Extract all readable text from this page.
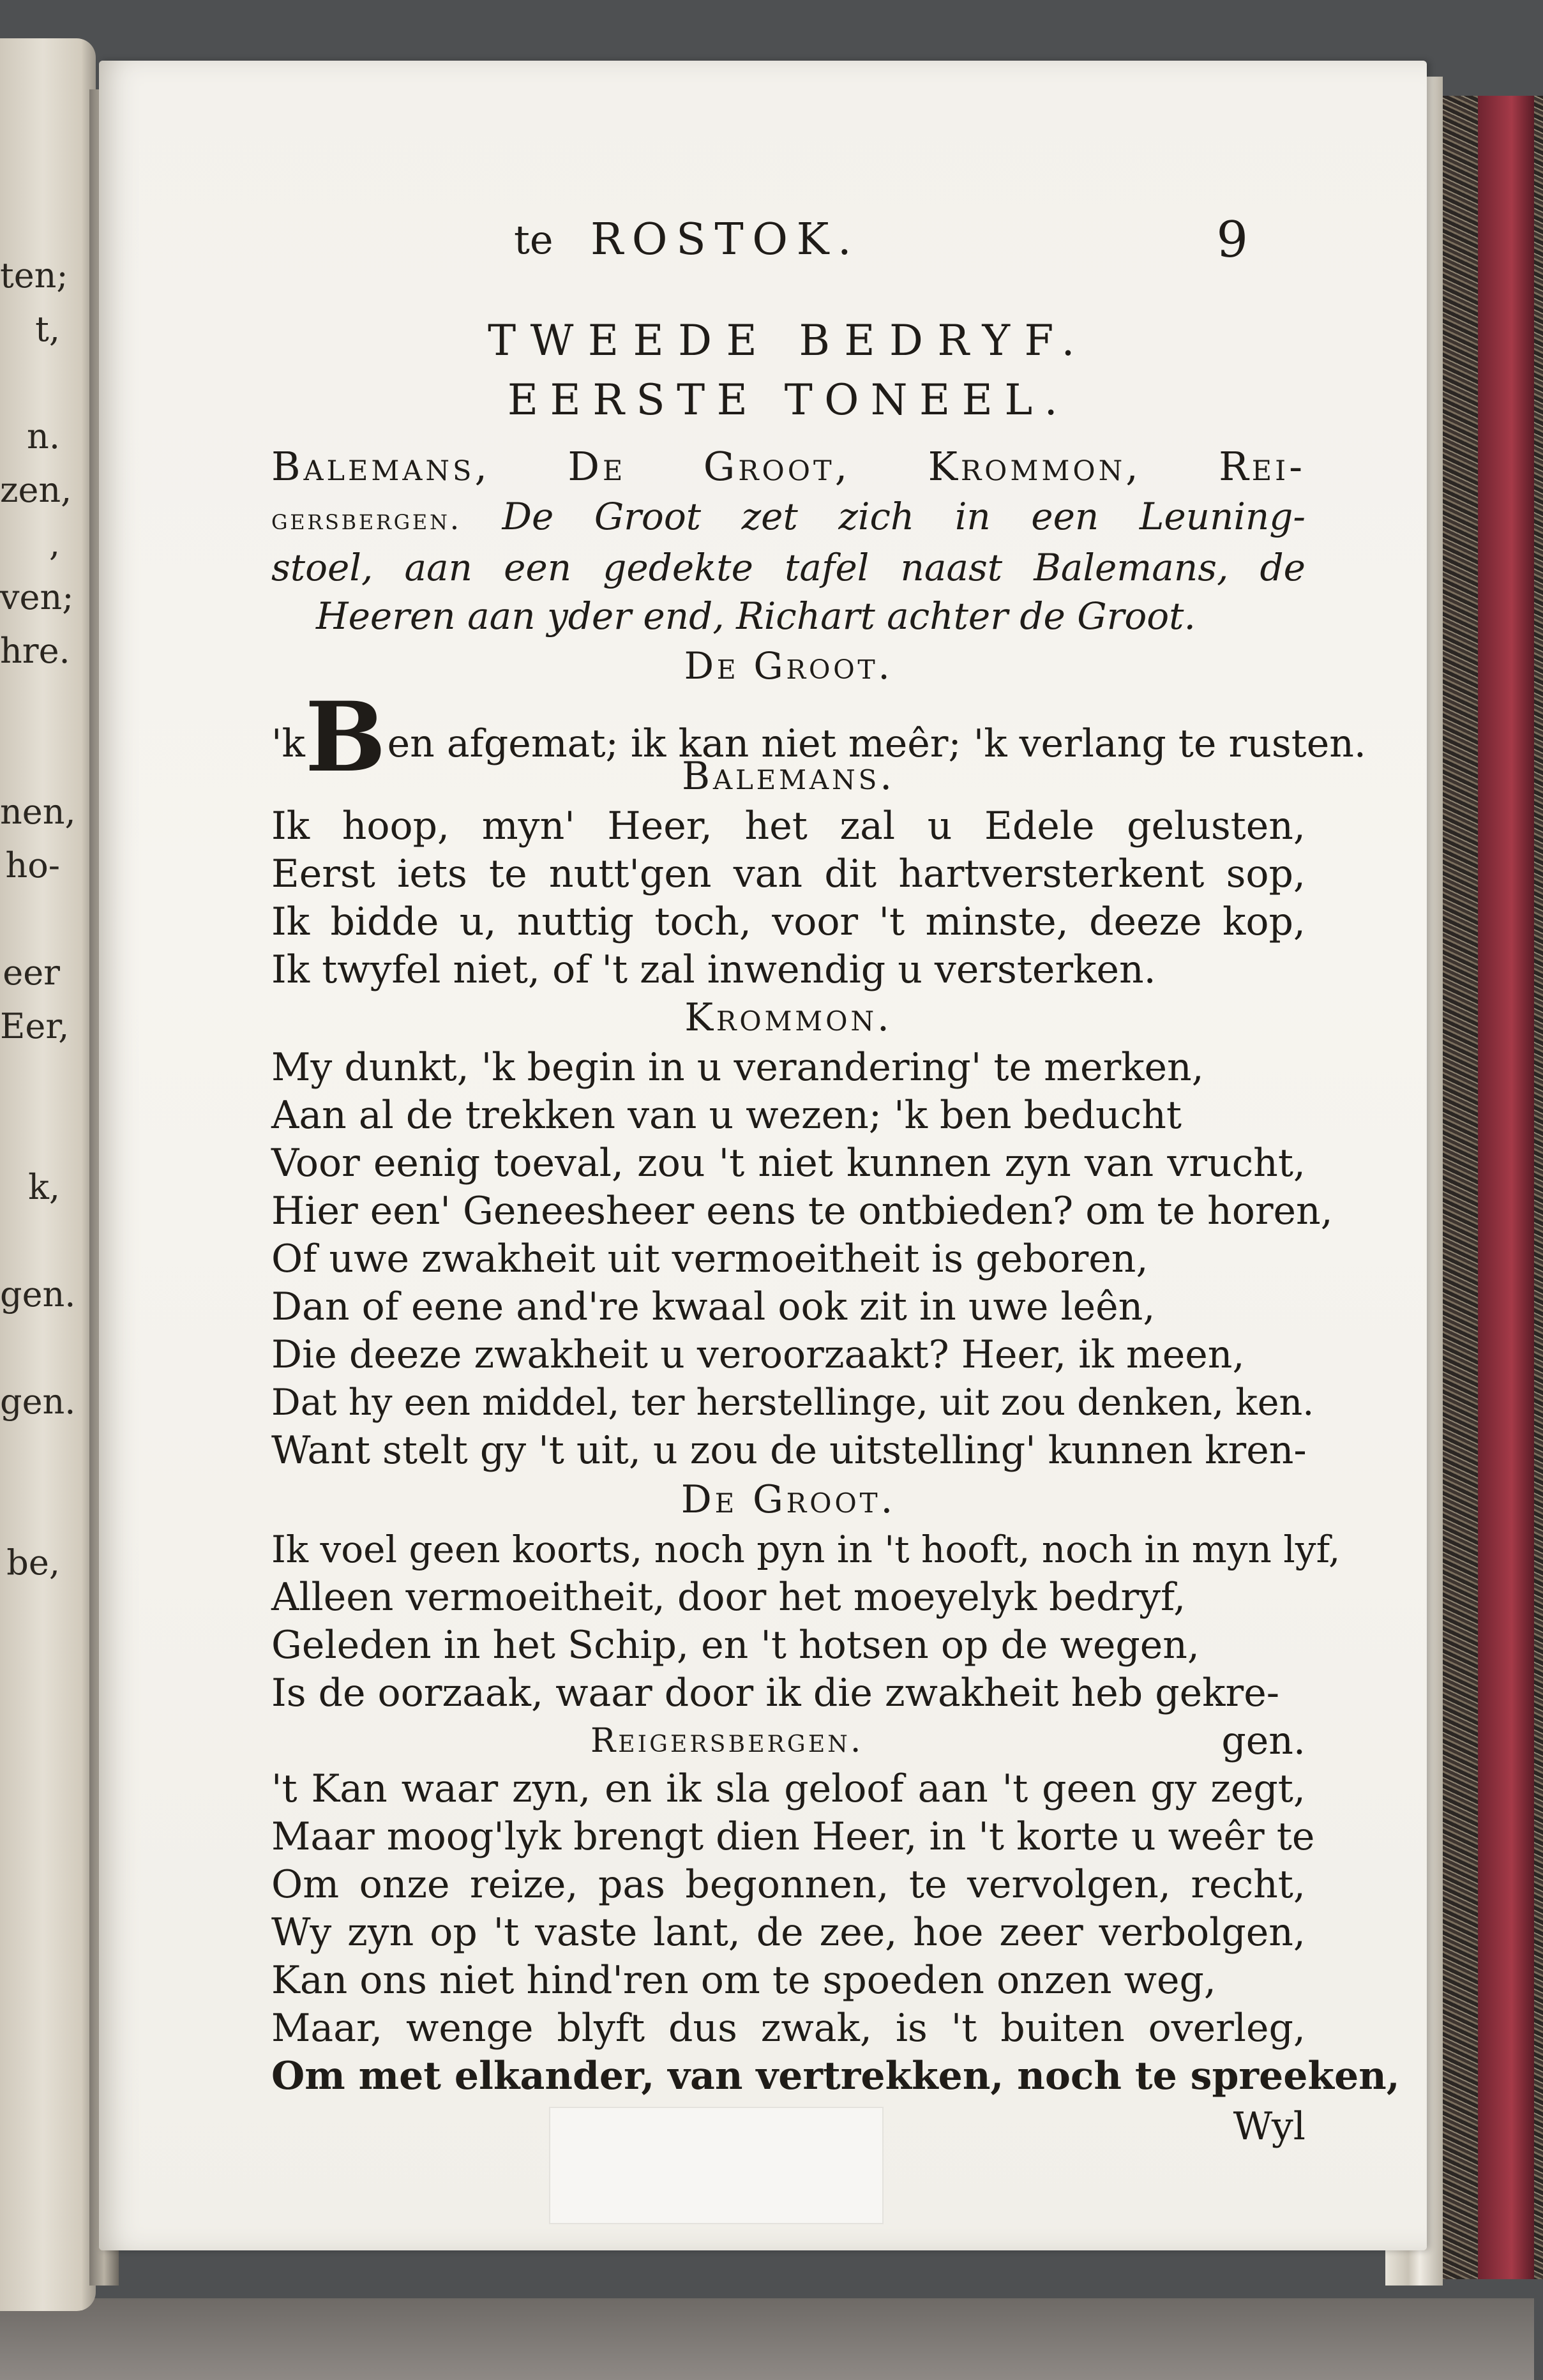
ten;
t,

n.
zen,
,
ven;
hre.

nen,
ho-

eer
Eer,

k,

gen.

gen.

be,
te ROSTOK.	9
TWEEDE BEDRYF.
EERSTE TONEEL.
Balemans, De Groot, Krommon, Rei-
gersbergen. De Groot zet zich in een Leuning-
stoel, aan een gedekte tafel naast Balemans, de
Heeren aan yder end, Richart achter de Groot.
De Groot.
'kBen afgemat; ik kan niet meêr; 'k verlang te rusten.
Balemans.
Ik hoop, myn' Heer, het zal u Edele gelusten,
Eerst iets te nutt'gen van dit hartversterkent sop,
Ik bidde u, nuttig toch, voor 't minste, deeze kop,
Ik twyfel niet, of 't zal inwendig u versterken.
Krommon.
My dunkt, 'k begin in u verandering' te merken,
Aan al de trekken van u wezen; 'k ben beducht
Voor eenig toeval, zou 't niet kunnen zyn van vrucht,
Hier een' Geneesheer eens te ontbieden? om te horen,
Of uwe zwakheit uit vermoeitheit is geboren,
Dan of eene and're kwaal ook zit in uwe leên,
Die deeze zwakheit u veroorzaakt? Heer, ik meen,
Dat hy een middel, ter herstellinge, uit zou denken, ken.
Want stelt gy 't uit, u zou de uitstelling' kunnen kren-
De Groot.
Ik voel geen koorts, noch pyn in 't hooft, noch in myn lyf,
Alleen vermoeitheit, door het moeyelyk bedryf,
Geleden in het Schip, en 't hotsen op de wegen,
Is de oorzaak, waar door ik die zwakheit heb gekre-
Reigersbergen.	gen.
't Kan waar zyn, en ik sla geloof aan 't geen gy zegt,
Maar moog'lyk brengt dien Heer, in 't korte u weêr te
Om onze reize, pas begonnen, te vervolgen, recht,
Wy zyn op 't vaste lant, de zee, hoe zeer verbolgen,
Kan ons niet hind'ren om te spoeden onzen weg,
Maar, wenge blyft dus zwak, is 't buiten overleg,
Om met elkander, van vertrekken, noch te spreeken,
Wyl
